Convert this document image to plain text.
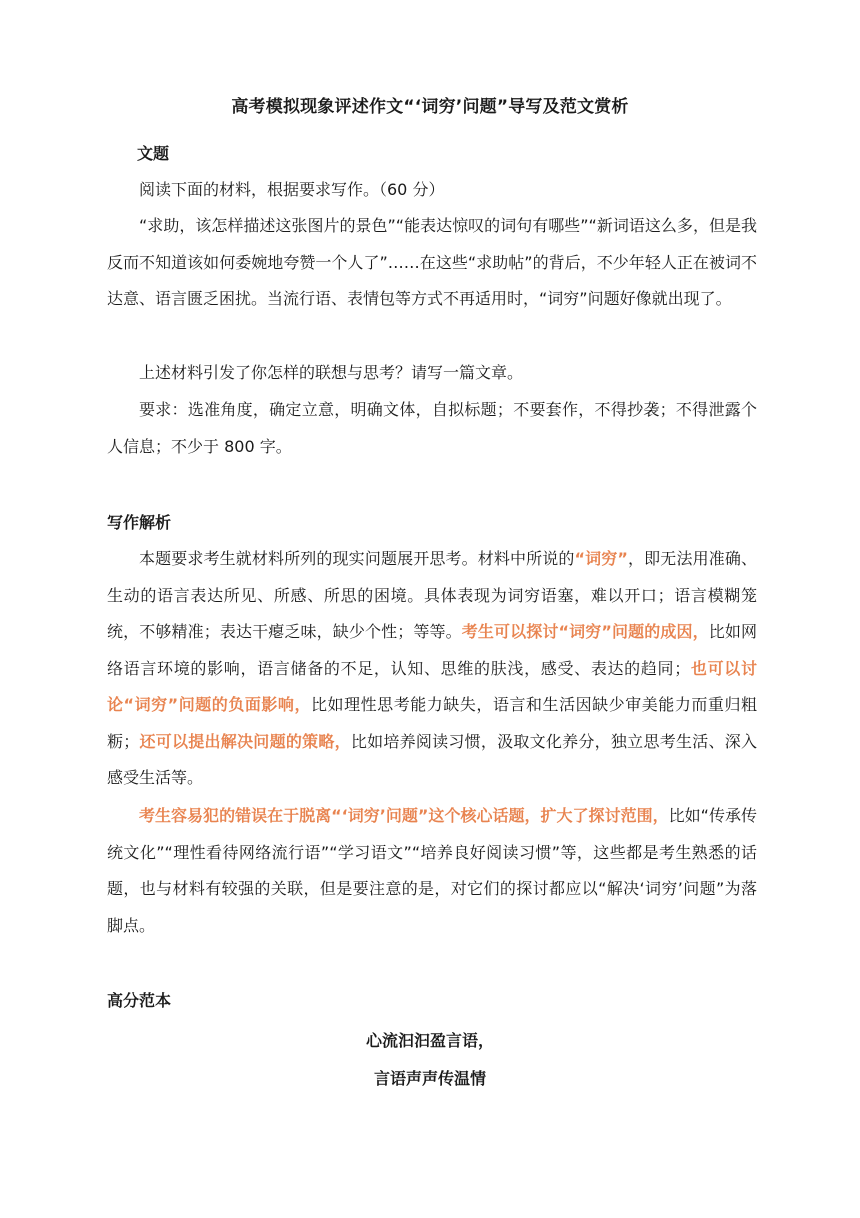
高考模拟现象评述作文“‘词穷’问题”导写及范文赏析
文题
阅读下面的材料，根据要求写作。（60 分）
“求助，该怎样描述这张图片的景色”“能表达惊叹的词句有哪些”“新词语这么多，但是我反而不知道该如何委婉地夸赞一个人了”……在这些“求助帖”的背后，不少年轻人正在被词不达意、语言匮乏困扰。当流行语、表情包等方式不再适用时，“词穷”问题好像就出现了。
上述材料引发了你怎样的联想与思考？请写一篇文章。
要求：选准角度，确定立意，明确文体，自拟标题；不要套作，不得抄袭；不得泄露个人信息；不少于 800 字。
写作解析
本题要求考生就材料所列的现实问题展开思考。材料中所说的“词穷”，即无法用准确、生动的语言表达所见、所感、所思的困境。具体表现为词穷语塞，难以开口；语言模糊笼统，不够精准；表达干瘪乏味，缺少个性；等等。考生可以探讨“词穷”问题的成因，比如网络语言环境的影响，语言储备的不足，认知、思维的肤浅，感受、表达的趋同；也可以讨论“词穷”问题的负面影响，比如理性思考能力缺失，语言和生活因缺少审美能力而重归粗粝；还可以提出解决问题的策略，比如培养阅读习惯，汲取文化养分，独立思考生活、深入感受生活等。
考生容易犯的错误在于脱离“‘词穷’问题”这个核心话题，扩大了探讨范围，比如“传承传统文化”“理性看待网络流行语”“学习语文”“培养良好阅读习惯”等，这些都是考生熟悉的话题，也与材料有较强的关联，但是要注意的是，对它们的探讨都应以“解决‘词穷’问题”为落脚点。
高分范本
心流汩汩盈言语，
言语声声传温情
